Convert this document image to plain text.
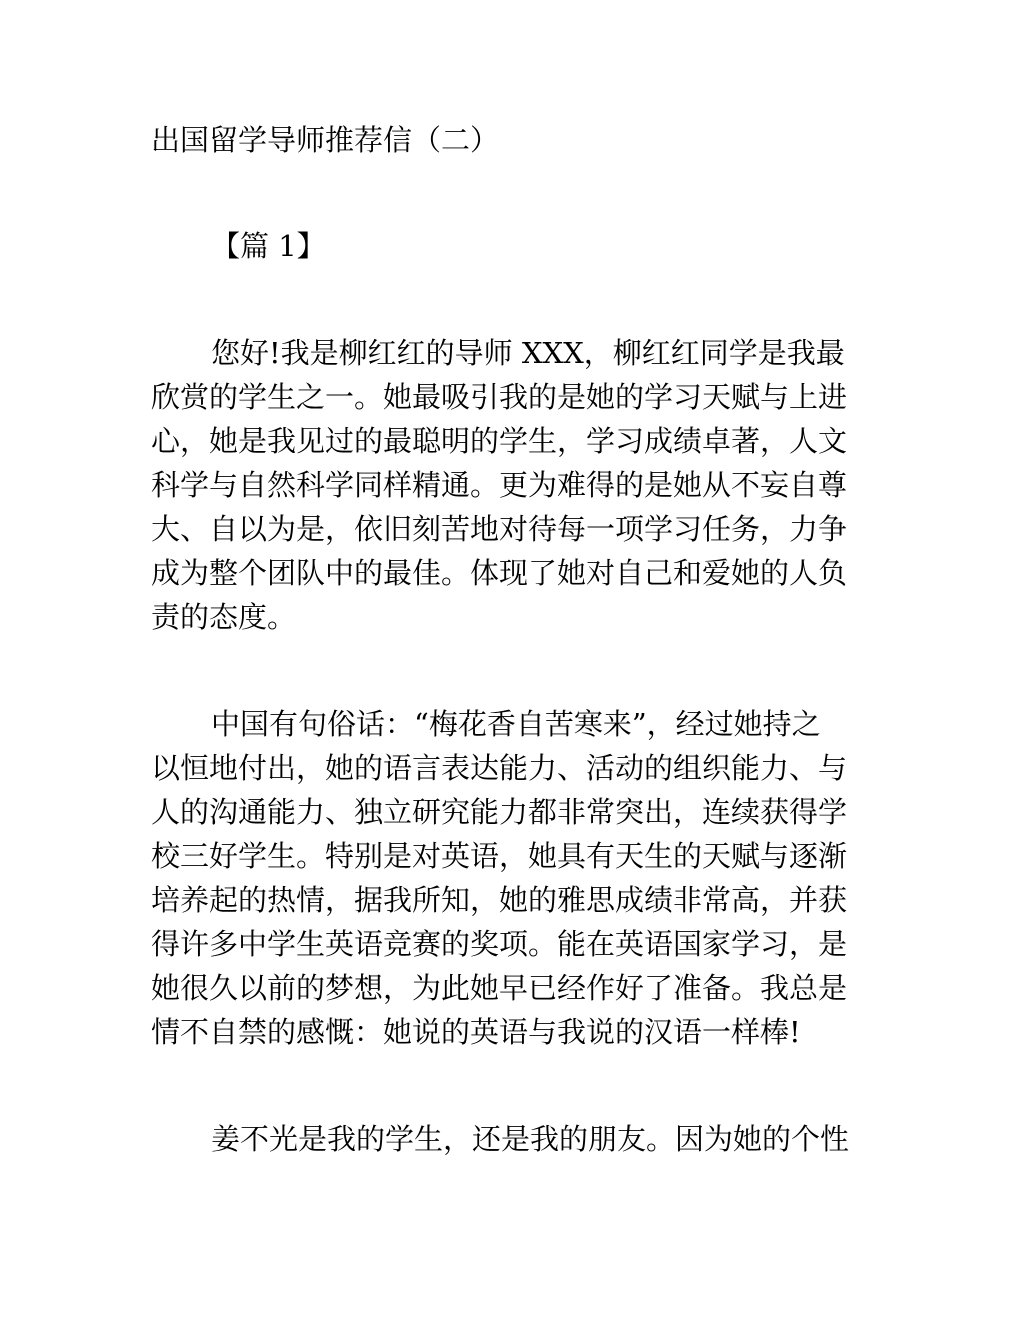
出国留学导师推荐信（二）
【篇 1】
您好!我是柳红红的导师 XXX，柳红红同学是我最
欣赏的学生之一。她最吸引我的是她的学习天赋与上进
心，她是我见过的最聪明的学生，学习成绩卓著，人文
科学与自然科学同样精通。更为难得的是她从不妄自尊
大、自以为是，依旧刻苦地对待每一项学习任务，力争
成为整个团队中的最佳。体现了她对自己和爱她的人负
责的态度。
中国有句俗话：“梅花香自苦寒来”，经过她持之
以恒地付出，她的语言表达能力、活动的组织能力、与
人的沟通能力、独立研究能力都非常突出，连续获得学
校三好学生。特别是对英语，她具有天生的天赋与逐渐
培养起的热情，据我所知，她的雅思成绩非常高，并获
得许多中学生英语竞赛的奖项。能在英语国家学习，是
她很久以前的梦想，为此她早已经作好了准备。我总是
情不自禁的感慨：她说的英语与我说的汉语一样棒!
姜不光是我的学生，还是我的朋友。因为她的个性
